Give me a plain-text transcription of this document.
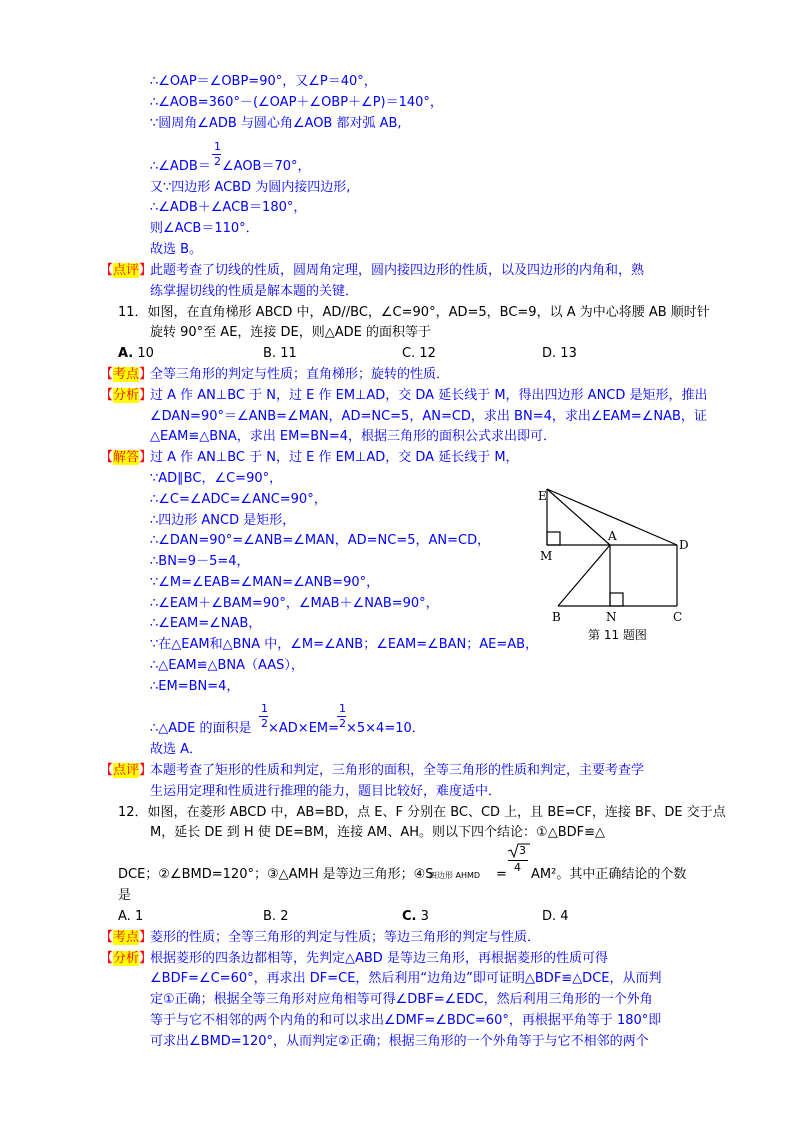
∴∠OAP＝∠OBP=90°，又∠P＝40°，
∴∠AOB=360°－(∠OAP＋∠OBP＋∠P)＝140°，
∵圆周角∠ADB 与圆心角∠AOB 都对弧 AB,
1
∴∠ADB＝ 2 ∠AOB＝70°，
又∵四边形 ACBD 为圆内接四边形,
∴∠ADB＋∠ACB＝180°，
则∠ACB＝110°．
故选 B。
【点评】
此题考查了切线的性质，圆周角定理，圆内接四边形的性质，以及四边形的内角和，熟
练掌握切线的性质是解本题的关键．
11．如图，在直角梯形 ABCD 中，AD//BC，∠C=90°，AD=5，BC=9，以 A 为中心将腰 AB 顺时针
旋转 90°至 AE，连接 DE，则△ADE 的面积等于
A. 10	B. 11	C. 12	D. 13
【考点】
全等三角形的判定与性质；直角梯形；旋转的性质．
【分析】
过 A 作 AN⊥BC 于 N，过 E 作 EM⊥AD，交 DA 延长线于 M，得出四边形 ANCD 是矩形，推出
∠DAN=90°＝∠ANB=∠MAN，AD=NC=5，AN=CD，求出 BN=4，求出∠EAM=∠NAB，证
△EAM≌△BNA，求出 EM=BN=4，根据三角形的面积公式求出即可．
【解答】
过 A 作 AN⊥BC 于 N，过 E 作 EM⊥AD，交 DA 延长线于 M，
∵AD∥BC，∠C=90°，
∴∠C=∠ADC=∠ANC=90°，
∴四边形 ANCD 是矩形，
∴∠DAN=90°=∠ANB=∠MAN，AD=NC=5，AN=CD，
∴BN=9－5=4，
∵∠M=∠EAB=∠MAN=∠ANB=90°，
∴∠EAM＋∠BAM=90°，∠MAB＋∠NAB=90°，
∴∠EAM=∠NAB，
∵在△EAM和△BNA 中，∠M=∠ANB；∠EAM=∠BAN；AE=AB，
∴△EAM≌△BNA（AAS），
∴EM=BN=4，
1
2
1
2
∴△ADE 的面积是 ×AD×EM= ×5×4=10．
故选 A．
【点评】
本题考查了矩形的性质和判定，三角形的面积，全等三角形的性质和判定，主要考查学
生运用定理和性质进行推理的能力，题目比较好，难度适中．
E
M
A
D
B	N	C
第 11 题图
12．如图，在菱形 ABCD 中，AB=BD，点 E、F 分别在 BC、CD 上，且 BE=CF，连接 BF、DE 交于点
M，延长 DE 到 H 使 DE=BM，连接 AM、AH。则以下四个结论：①△BDF≌△
DCE；②∠BMD=120°；③△AMH 是等边三角形；④S
四边形 AHMD =
3
4 AM²。其中正确结论的个数
是
A. 1	B. 2	C. 3	D. 4
【考点】
菱形的性质；全等三角形的判定与性质；等边三角形的判定与性质．
【分析】
根据菱形的四条边都相等，先判定△ABD 是等边三角形，再根据菱形的性质可得
∠BDF=∠C=60°，再求出 DF=CE，然后利用“边角边”即可证明△BDF≌△DCE，从而判
定①正确；根据全等三角形对应角相等可得∠DBF=∠EDC，然后利用三角形的一个外角
等于与它不相邻的两个内角的和可以求出∠DMF=∠BDC=60°，再根据平角等于 180°即
可求出∠BMD=120°，从而判定②正确；根据三角形的一个外角等于与它不相邻的两个
